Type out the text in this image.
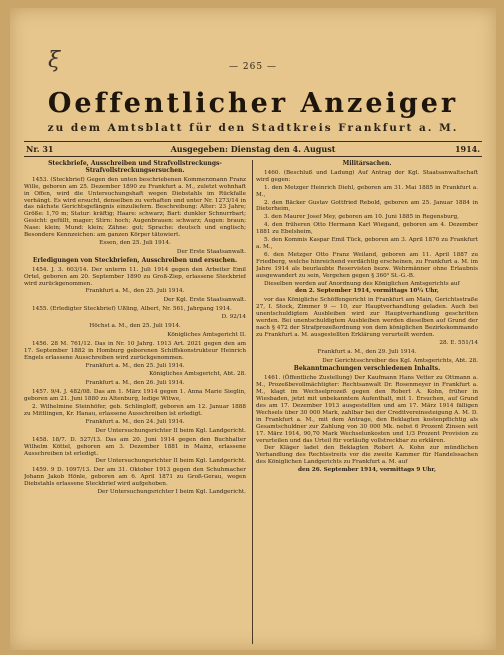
ξ	— 265 —
Oeffentlicher Anzeiger
zu dem Amtsblatt für den Stadtkreis Frankfurt a. M.
Nr. 31	Ausgegeben: Dienstag den 4. August	1914.
Steckbriefe, Ausschreiben und Strafvollstreckungs-Strafvollstreckungsersuchen.
1453. (Steckbrief) Gegen den unten beschriebenen Kommerzmann Franz Wille, geboren am 25. Dezember 1890 zu Frankfurt a. M., zuletzt wohnhaft in Offen, wird die Untersuchungshaft wegen Diebstahls im Rückfalle verhängt. Es wird ersucht, denselben zu verhaften und unter Nr. 1273/14 in das nächste Gerichtsgefängnis einzuliefern. Beschreibung: Alter: 23 Jahre; Größe: 1,70 m; Statur: kräftig; Haare: schwarz; Bart: dunkler Schnurrbart; Gesicht: gefüllt, mager; Stirn: hoch; Augenbrauen: schwarz; Augen: braun; Nase: klein; Mund: klein; Zähne: gut; Sprache: deutsch und englisch; Besondere Kennzeichen: am ganzen Körper tätowiert.
Essen, den 25. Juli 1914.
Der Erste Staatsanwalt.
Erledigungen von Steckbriefen, Ausschreiben und ersuchen.
1454. J. 3. 603/14. Der unterm 11. Juli 1914 gegen den Arbeiter Emil Ortel, geboren am 20. September 1890 zu Groß-Ziep, erlassene Steckbrief wird zurückgenommen.
Frankfurt a. M., den 25. Juli 1914.
Der Kgl. Erste Staatsanwalt.
1455. (Erledigter Steckbrief) Ußling, Albert, Nr. 561, Jahrgang 1914.
D. 92/14
Höchst a. M., den 25. Juli 1914.
Königliches Amtsgericht II.
1456. 28 M. 761/12. Das in Nr. 10 Jahrg. 1913 Art. 2021 gegen den am 17. September 1882 in Homburg geborenen Schiffskonstrukteur Heinrich Engels erlassene Ausschreiben wird zurückgenommen.
Frankfurt a. M., den 25. Juli 1914.
Königliches Amtsgericht, Abt. 28.
Frankfurt a. M., den 26. Juli 1914.
1457. 9/4. J. 482/08. Das am 1. März 1914 gegen 1. Anna Marie Sieglin, geboren am 21. Juni 1880 zu Altenburg, ledige Witwe,
2. Wilhelmine Steinhöfer, geb. Schlingloff, geboren am 12. Januar 1888 zu Mittlingen, Kr. Hanau, erlassene Ausschreiben ist erledigt.
Frankfurt a. M., den 24. Juli 1914.
Der Untersuchungsrichter II beim Kgl. Landgericht.
1458. 18/7. D. 527/13. Das am 20. Juni 1914 gegen den Buchhalter Wilhelm Köttel, geboren am 3. Dezember 1881 in Mainz, erlassene Ausschreiben ist erledigt.
Der Untersuchungsrichter II beim Kgl. Landgericht.
1459. 9 D. 1097/13. Der am 31. Oktober 1913 gegen den Schuhmacher Johann Jakob Hönle, geboren am 6. April 1871 zu Groß-Gerau, wegen Diebstahls erlassene Steckbrief wird aufgehoben.
Der Untersuchungsrichter I beim Kgl. Landgericht.
Militärsachen.
1460. (Beschluß und Ladung) Auf Antrag der Kgl. Staatsanwaltschaft wird gegen:
1. den Metzger Heinrich Diehl, geboren am 31. Mai 1885 in Frankfurt a. M.,
2. den Bäcker Gustav Gottfried Rebold, geboren am 25. Januar 1884 in Dieterheim,
3. den Maurer Josef Mey, geboren am 10. Juni 1885 in Regensburg,
4. den früheren Otto Hermann Karl Wiegand, geboren am 4. Dezember 1881 zu Ebelsheim,
5. den Kommis Kaspar Emil Tück, geboren am 3. April 1876 zu Frankfurt a. M.,
6. den Metzger Otto Franz Weiland, geboren am 11. April 1887 zu Friedberg, welche hinreichend verdächtig erscheinen, zu Frankfurt a. M. im Jahre 1914 als beurlaubte Reservisten bezw. Wehrmänner ohne Erlaubnis ausgewandert zu sein, Vergehen gegen § 360³ St.-G.-B.
Dieselben werden auf Anordnung des Königlichen Amtsgerichts auf
den 2. September 1914, vormittags 10¼ Uhr,
vor das Königliche Schöffengericht in Frankfurt am Main, Gerichtsstraße 27, I. Stock, Zimmer 9 — 10, zur Hauptverhandlung geladen. Auch bei unentschuldigtem Ausbleiben wird zur Hauptverhandlung geschritten werden. Bei unentschuldigtem Ausbleiben werden dieselben auf Grund der nach § 472 der Strafprozeßordnung von dem königlichen Bezirkskommando zu Frankfurt a. M. ausgestellten Erklärung verurteilt werden.
28. E. 551/14
Frankfurt a. M., den 29. Juli 1914.
Der Gerichtsschreiber des Kgl. Amtsgerichts, Abt. 28.
Bekanntmachungen verschiedenen Inhalts.
1461. (Öffentliche Zustellung) Der Kaufmann Hans Vetter zu Ottmann a. M., Prozeßbevollmächtigter: Rechtsanwalt Dr. Rosenmeyer in Frankfurt a. M., klagt im Wechselprozeß gegen den Robert A. Kohn, früher in Wiesbaden, jetzt mit unbekanntem Aufenthalt, mit 1. Ersuchen, auf Grund des am 17. Dezember 1913 ausgestellten und am 17. März 1914 fälligen Wechsels über 30 000 Mark, zahlbar bei der Creditvereinssteigung A. M. D. in Frankfurt a. M., mit dem Antrage, den Beklagten kostenpflichtig als Gesamtschuldner zur Zahlung von 30 000 Mk. nebst 6 Prozent Zinsen seit 17. März 1914, 90,70 Mark Wechselunkosten und 1/3 Prozent Provision zu verurteilen und das Urteil für vorläufig vollstreckbar zu erklären.
Der Kläger ladet den Beklagten Robert A. Kohn zur mündlichen Verhandlung des Rechtsstreits vor die zweite Kammer für Handelssachen des Königlichen Landgerichts zu Frankfurt a. M. auf
den 26. September 1914, vormittags 9 Uhr,
